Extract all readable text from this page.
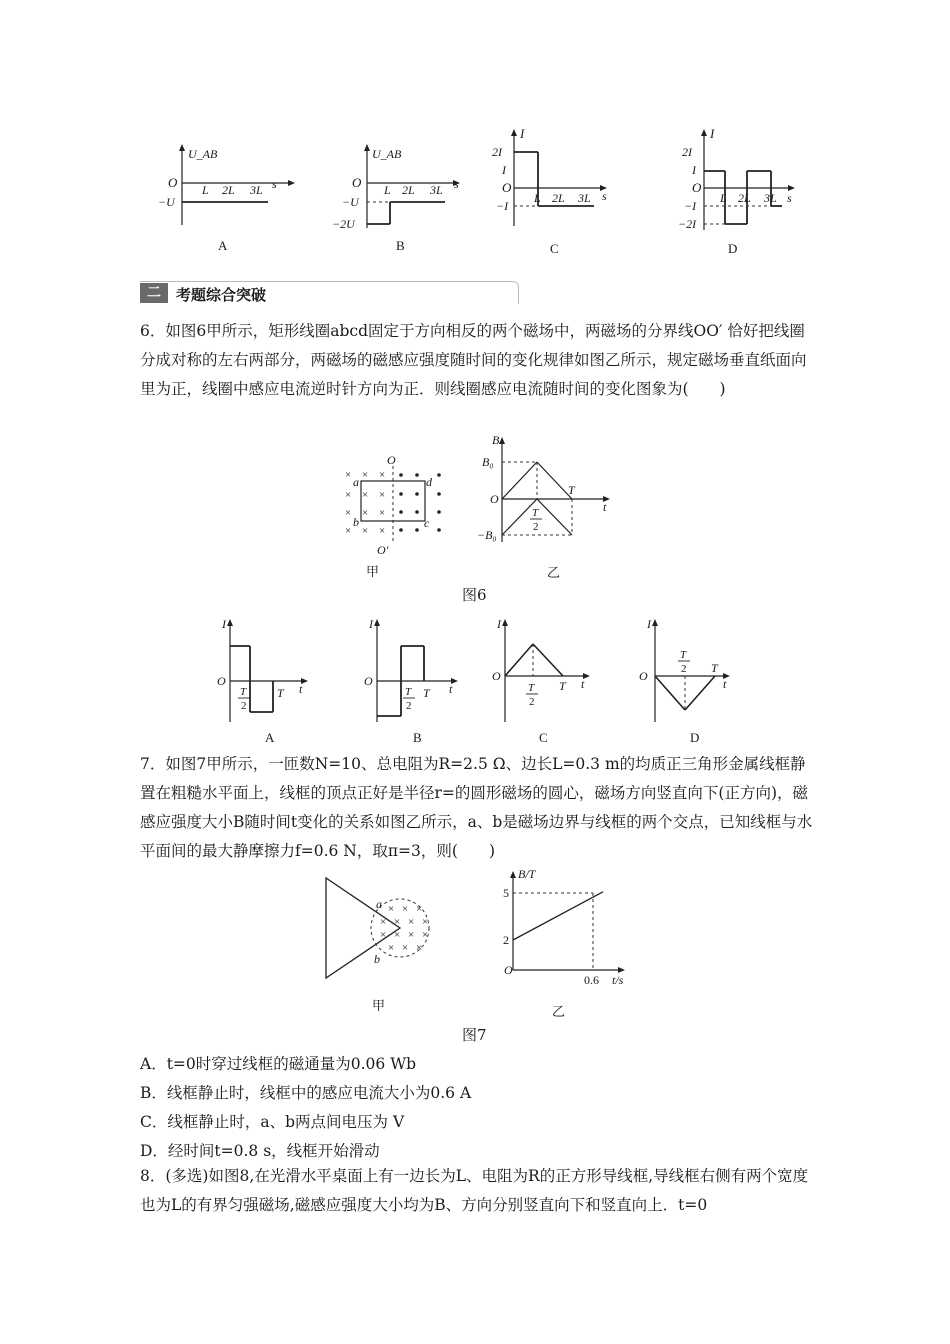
U_AB
O
−U
L 2L 3L s
A
U_AB
O
−U
−2U
L 2L 3L s
B
I
2I
I
O
−I
L 2L 3L s
C
I
2I
I
O
−I
−2I
L 2L 3L s
D
二	考题综合突破
6．如图6甲所示，矩形线圈abcd固定于方向相反的两个磁场中，两磁场的分界线OO′ 恰好把线圈分成对称的左右两部分，两磁场的磁感应强度随时间的变化规律如图乙所示，规定磁场垂直纸面向里为正，线圈中感应电流逆时针方向为正．则线圈感应电流随时间的变化图象为(　　)
× × ×
× × ×
× ×
×
× ×
×
O
O′
a
b	c
d
甲
B
B₀
O
−B₀
T
T
2
t
乙
图6
I
O
T
2
T t
A
I
O
T
2
T t
B
I
O
T
2
T t
C
I
O
T
2 T
t
D
7．如图7甲所示，一匝数N=10、总电阻为R=2.5 Ω、边长L=0.3 m的均质正三角形金属线框静置在粗糙水平面上，线框的顶点正好是半径r=的圆形磁场的圆心，磁场方向竖直向下(正方向)，磁感应强度大小B随时间t变化的关系如图乙所示，a、b是磁场边界与线框的两个交点，已知线框与水平面间的最大静摩擦力f=0.6 N，取π=3，则(　　)
× × ×
× × × ×
× × × ×
× × ×
a
b
甲
B/T
5
2
O
0.6 t/s
乙
图7
A．t=0时穿过线框的磁通量为0.06 Wb
B．线框静止时，线框中的感应电流大小为0.6 A
C．线框静止时，a、b两点间电压为 V
D．经时间t=0.8 s，线框开始滑动
8．(多选)如图8,在光滑水平桌面上有一边长为L、电阻为R的正方形导线框,导线框右侧有两个宽度也为L的有界匀强磁场,磁感应强度大小均为B、方向分别竖直向下和竖直向上．t=0
